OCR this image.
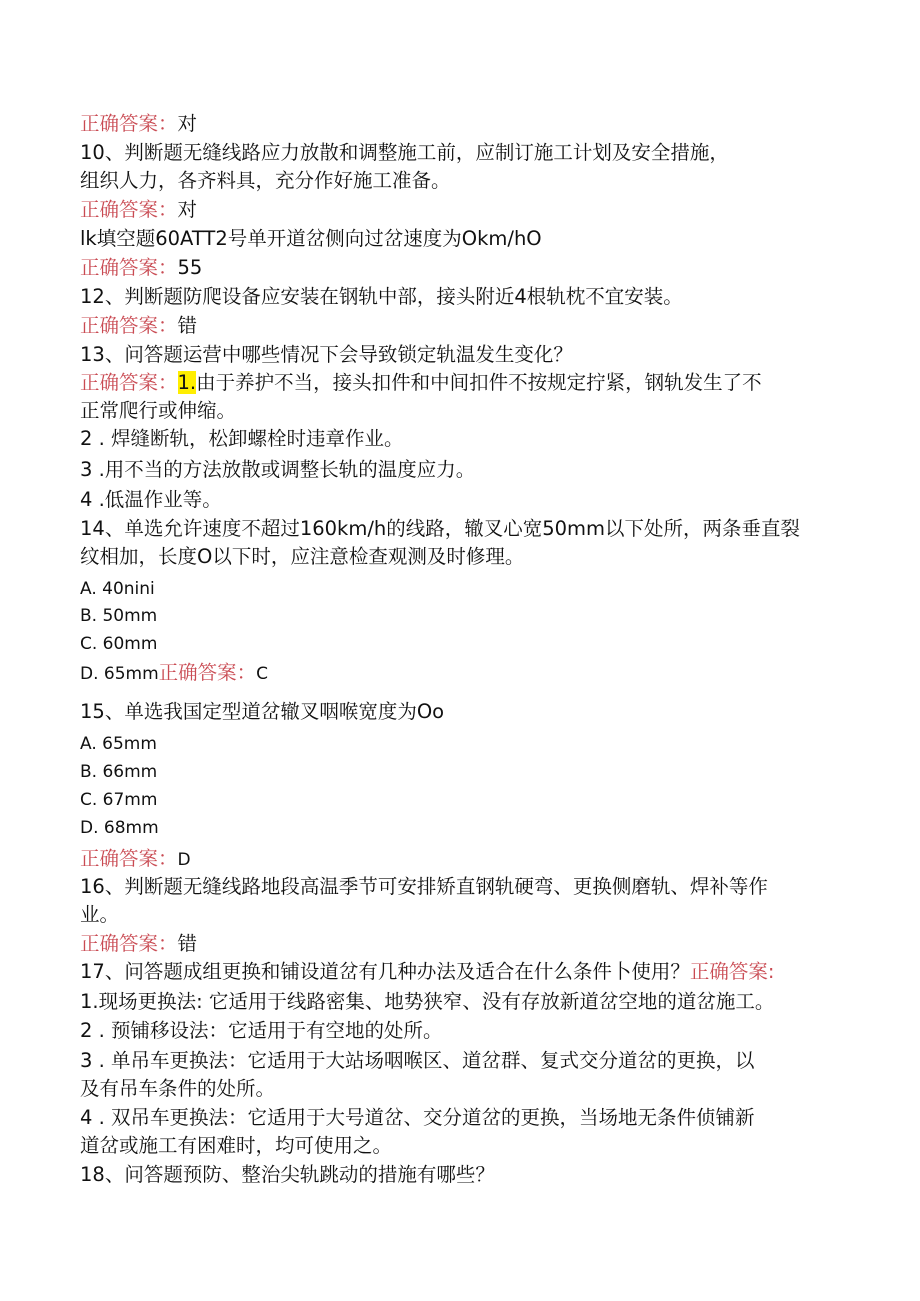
正确答案：对
10、判断题无缝线路应力放散和调整施工前，应制订施工计划及安全措施，
组织人力，各齐料具，充分作好施工准备。
正确答案：对
lk填空题60ATT2号单开道岔侧向过岔速度为Okm/hO
正确答案：55
12、判断题防爬设备应安装在钢轨中部，接头附近4根轨枕不宜安装。
正确答案：错
13、问答题运营中哪些情况下会导致锁定轨温发生变化？
正确答案：1.由于养护不当，接头扣件和中间扣件不按规定拧紧，钢轨发生了不
正常爬行或伸缩。
2 . 焊缝断轨，松卸螺栓时违章作业。
3 .用不当的方法放散或调整长轨的温度应力。
4 .低温作业等。
14、单选允许速度不超过160km∕h的线路，辙叉心宽50mm以下处所，两条垂直裂
纹相加，长度O以下时，应注意检查观测及时修理。
A. 40nini
B. 50mm
C. 60mm
D. 65mm正确答案：C
15、单选我国定型道岔辙叉咽喉宽度为Oo
A. 65mm
B. 66mm
C. 67mm
D. 68mm
正确答案：D
16、判断题无缝线路地段高温季节可安排矫直钢轨硬弯、更换侧磨轨、焊补等作
业。
正确答案：错
17、问答题成组更换和铺设道岔有几种办法及适合在什么条件卜使用？正确答案:
1.现场更换法: 它适用于线路密集、地势狭窄、没有存放新道岔空地的道岔施工。
2 . 预铺移设法：它适用于有空地的处所。
3 . 单吊车更换法：它适用于大站场咽喉区、道岔群、复式交分道岔的更换，以
及有吊车条件的处所。
4 . 双吊车更换法：它适用于大号道岔、交分道岔的更换，当场地无条件侦铺新
道岔或施工有困难时，均可使用之。
18、问答题预防、整治尖轨跳动的措施有哪些？
